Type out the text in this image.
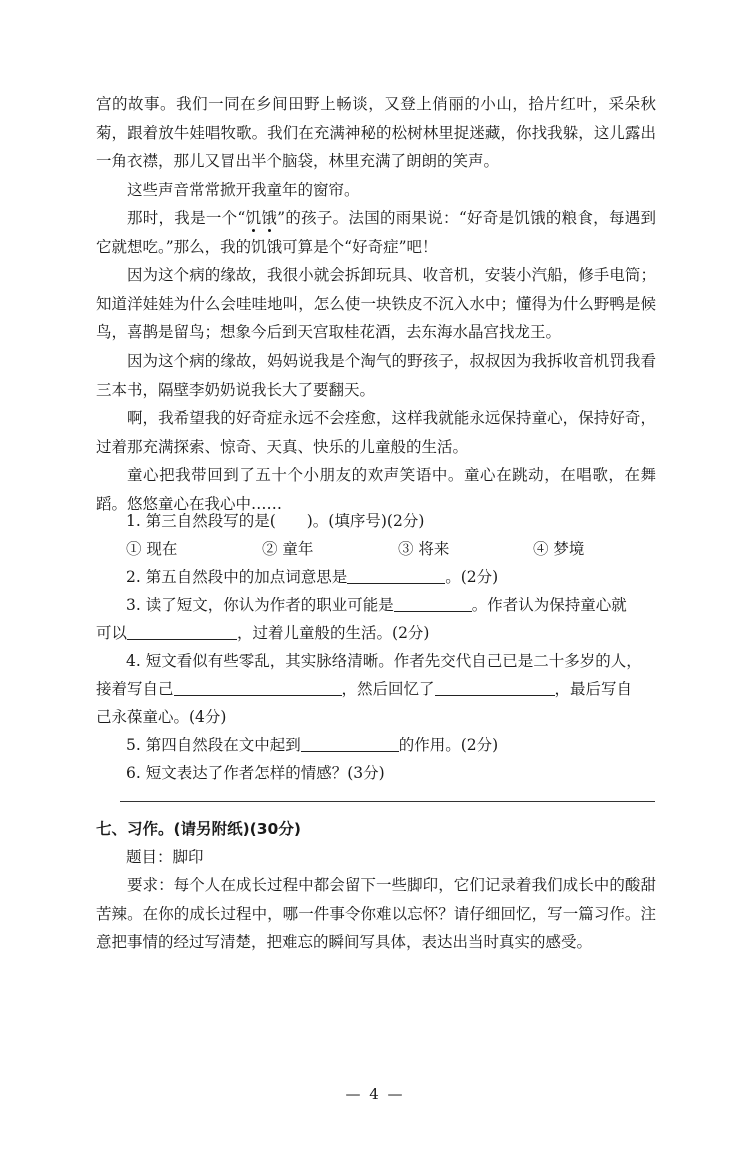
宫的故事。我们一同在乡间田野上畅谈，又登上俏丽的小山，拾片红叶，采朵秋菊，跟着放牛娃唱牧歌。我们在充满神秘的松树林里捉迷藏，你找我躲，这儿露出一角衣襟，那儿又冒出半个脑袋，林里充满了朗朗的笑声。

这些声音常常掀开我童年的窗帘。

那时，我是一个“饥饿”的孩子。法国的雨果说：“好奇是饥饿的粮食，每遇到它就想吃。”那么，我的饥饿可算是个“好奇症”吧！

因为这个病的缘故，我很小就会拆卸玩具、收音机，安装小汽船，修手电筒；知道洋娃娃为什么会哇哇地叫，怎么使一块铁皮不沉入水中；懂得为什么野鸭是候鸟，喜鹊是留鸟；想象今后到天宫取桂花酒，去东海水晶宫找龙王。

因为这个病的缘故，妈妈说我是个淘气的野孩子，叔叔因为我拆收音机罚我看三本书，隔壁李奶奶说我长大了要翻天。

啊，我希望我的好奇症永远不会痊愈，这样我就能永远保持童心，保持好奇，过着那充满探索、惊奇、天真、快乐的儿童般的生活。

童心把我带回到了五十个小朋友的欢声笑语中。童心在跳动，在唱歌，在舞蹈。悠悠童心在我心中……

1. 第三自然段写的是(　　)。(填序号)(2分)

① 现在	② 童年	③ 将来	④ 梦境

2. 第五自然段中的加点词意思是	。(2分)

3. 读了短文，你认为作者的职业可能是	。作者认为保持童心就

可以	，过着儿童般的生活。(2分)

4. 短文看似有些零乱，其实脉络清晰。作者先交代自己已是二十多岁的人，

接着写自己	，然后回忆了	，最后写自

己永葆童心。(4分)

5. 第四自然段在文中起到	的作用。(2分)

6. 短文表达了作者怎样的情感？(3分)

七、习作。(请另附纸)(30分)

题目：脚印

要求：每个人在成长过程中都会留下一些脚印，它们记录着我们成长中的酸甜苦辣。在你的成长过程中，哪一件事令你难以忘怀？请仔细回忆，写一篇习作。注意把事情的经过写清楚，把难忘的瞬间写具体，表达出当时真实的感受。

— 4 —
